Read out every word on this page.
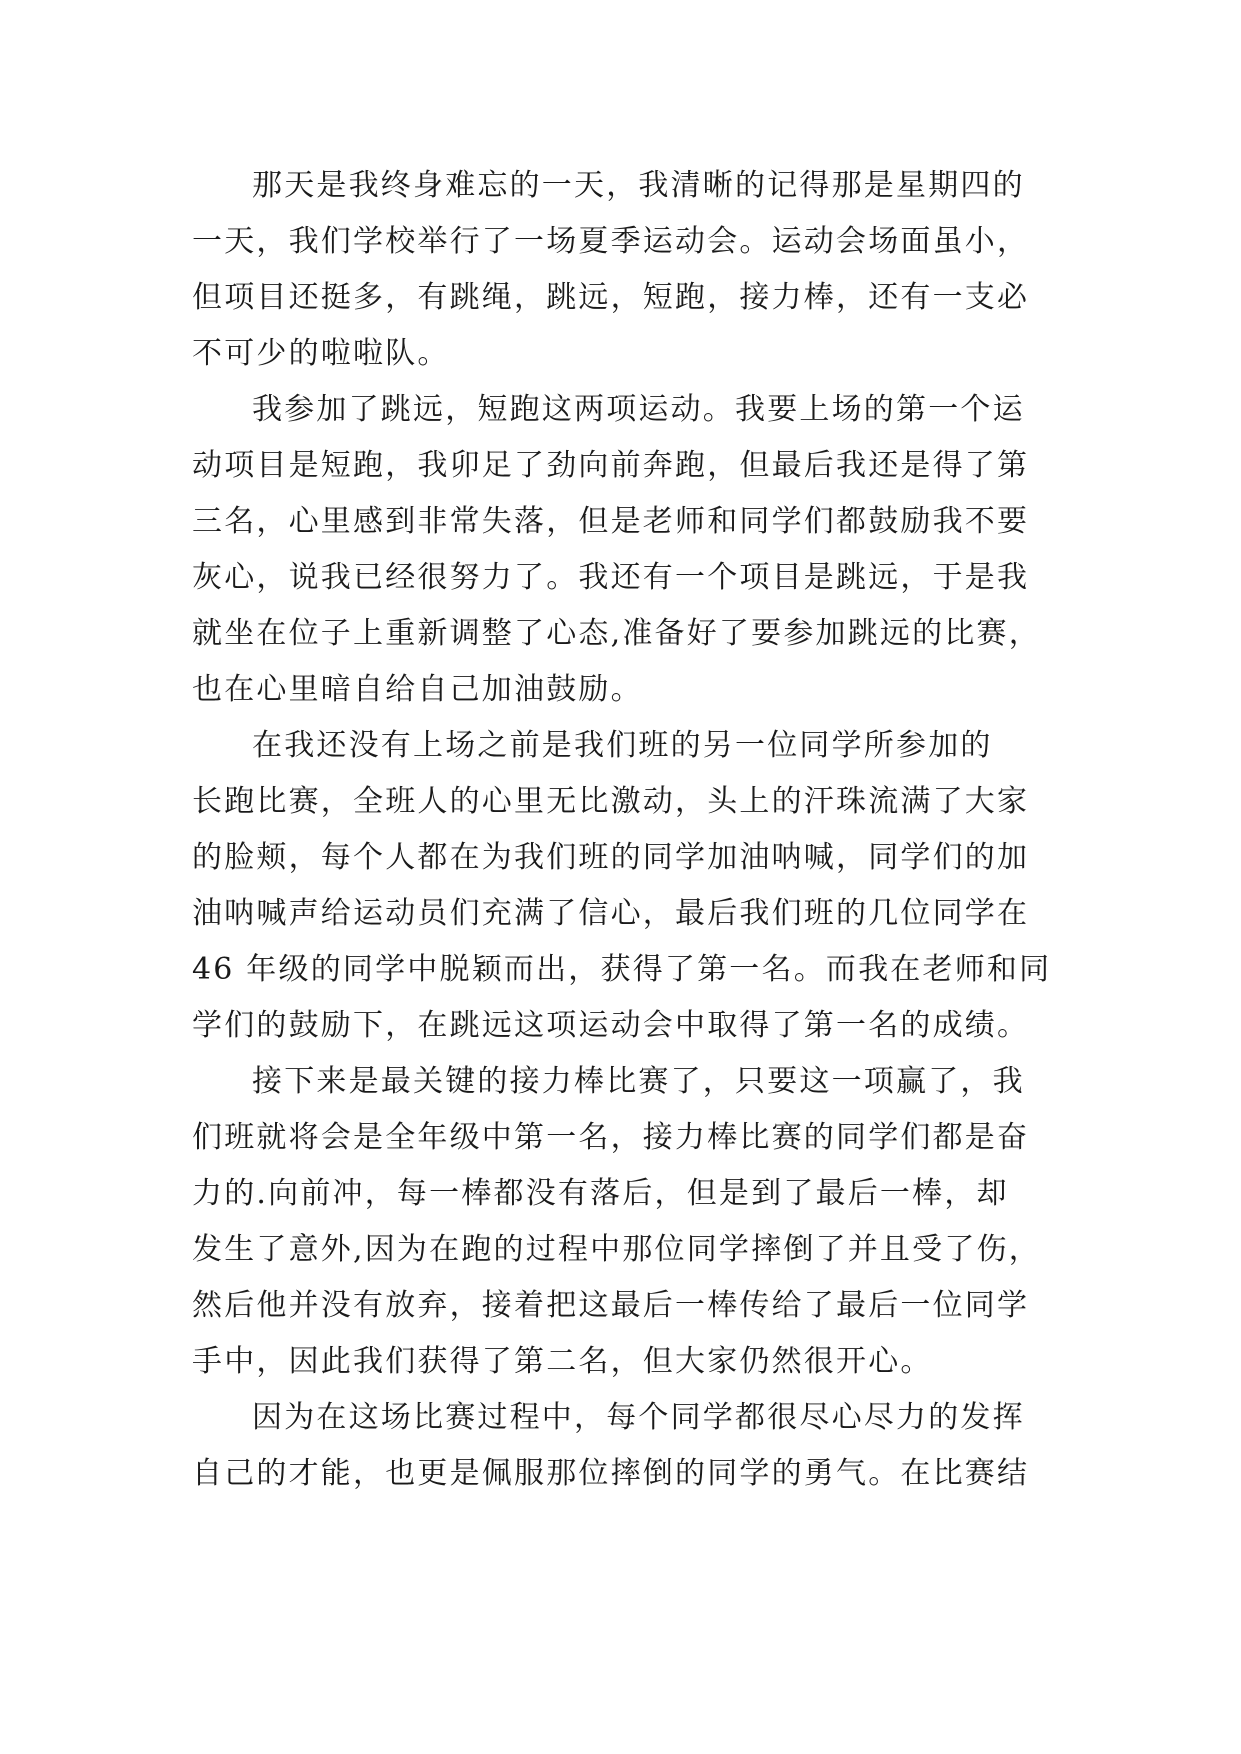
那天是我终身难忘的一天，我清晰的记得那是星期四的
一天，我们学校举行了一场夏季运动会。运动会场面虽小，
但项目还挺多，有跳绳，跳远，短跑，接力棒，还有一支必
不可少的啦啦队。
我参加了跳远，短跑这两项运动。我要上场的第一个运
动项目是短跑，我卯足了劲向前奔跑，但最后我还是得了第
三名，心里感到非常失落，但是老师和同学们都鼓励我不要
灰心，说我已经很努力了。我还有一个项目是跳远，于是我
就坐在位子上重新调整了心态,准备好了要参加跳远的比赛，
也在心里暗自给自己加油鼓励。
在我还没有上场之前是我们班的另一位同学所参加的
长跑比赛，全班人的心里无比激动，头上的汗珠流满了大家
的脸颊，每个人都在为我们班的同学加油呐喊，同学们的加
油呐喊声给运动员们充满了信心，最后我们班的几位同学在
46 年级的同学中脱颖而出，获得了第一名。而我在老师和同
学们的鼓励下，在跳远这项运动会中取得了第一名的成绩。
接下来是最关键的接力棒比赛了，只要这一项赢了，我
们班就将会是全年级中第一名，接力棒比赛的同学们都是奋
力的.向前冲，每一棒都没有落后，但是到了最后一棒，却
发生了意外,因为在跑的过程中那位同学摔倒了并且受了伤，
然后他并没有放弃，接着把这最后一棒传给了最后一位同学
手中，因此我们获得了第二名，但大家仍然很开心。
因为在这场比赛过程中，每个同学都很尽心尽力的发挥
自己的才能，也更是佩服那位摔倒的同学的勇气。在比赛结
